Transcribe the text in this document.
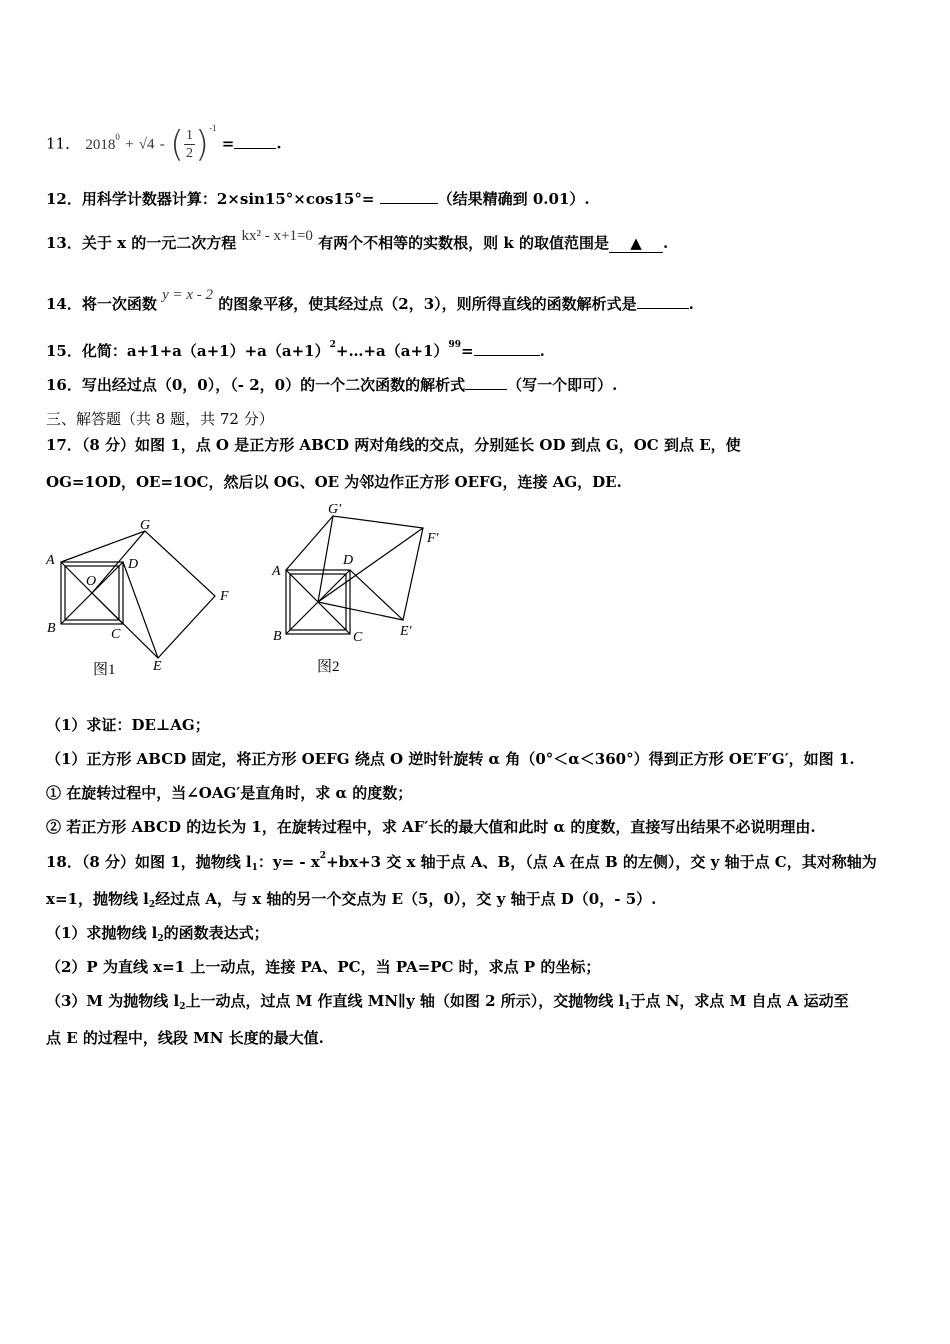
11． $2018^0 + √4$ - ( $\frac{1}{2} )^{-1}$ =	.
12．用科学计数器计算：2×sin15°×cos15°=	（结果精确到 0.01）.
13．关于 x 的一元二次方程 kx² - x+1=0 有两个不相等的实数根，则 k 的取值范围是 ▲ .
14．将一次函数 y = x - 2 的图象平移，使其经过点（2，3），则所得直线的函数解析式是	.
15．化简：$a+1+a(a+1)+a(a+1)^2+\dots+a(a+1)^{99}=$	.
16．写出经过点（0，0），（- 2，0）的一个二次函数的解析式	（写一个即可）.
三、解答题（共 8 题，共 72 分）
17．（8 分）如图 1，点 O 是正方形 ABCD 两对角线的交点，分别延长 OD 到点 G，OC 到点 E，使
OG=1OD，OE=1OC，然后以 OG、OE 为邻边作正方形 OEFG，连接 AG，DE.
A
B	C
D
O
G
F
E
图1
A
B	C
D
G′
F′
E′
图2
（1）求证：DE⊥AG；
（1）正方形 ABCD 固定，将正方形 OEFG 绕点 O 逆时针旋转 α 角（0°＜α＜360°）得到正方形 OE′F′G′，如图 1.
① 在旋转过程中，当∠OAG′是直角时，求 α 的度数；
② 若正方形 ABCD 的边长为 1，在旋转过程中，求 AF′长的最大值和此时 α 的度数，直接写出结果不必说明理由.
18．（8 分）如图 1，抛物线 $l_1$：$y= - x^2+bx+3$ 交 x 轴于点 A、B，（点 A 在点 B 的左侧），交 y 轴于点 C，其对称轴为
x=1，抛物线 $l_2$经过点 A，与 x 轴的另一个交点为 E（5，0），交 y 轴于点 D（0，- 5）.
（1）求抛物线 $l_2$的函数表达式；
（2）P 为直线 x=1 上一动点，连接 PA、PC，当 PA=PC 时，求点 P 的坐标；
（3）M 为抛物线 $l_2$上一动点，过点 M 作直线 MN∥y 轴（如图 2 所示），交抛物线 $l_1$于点 N，求点 M 自点 A 运动至
点 E 的过程中，线段 MN 长度的最大值.
